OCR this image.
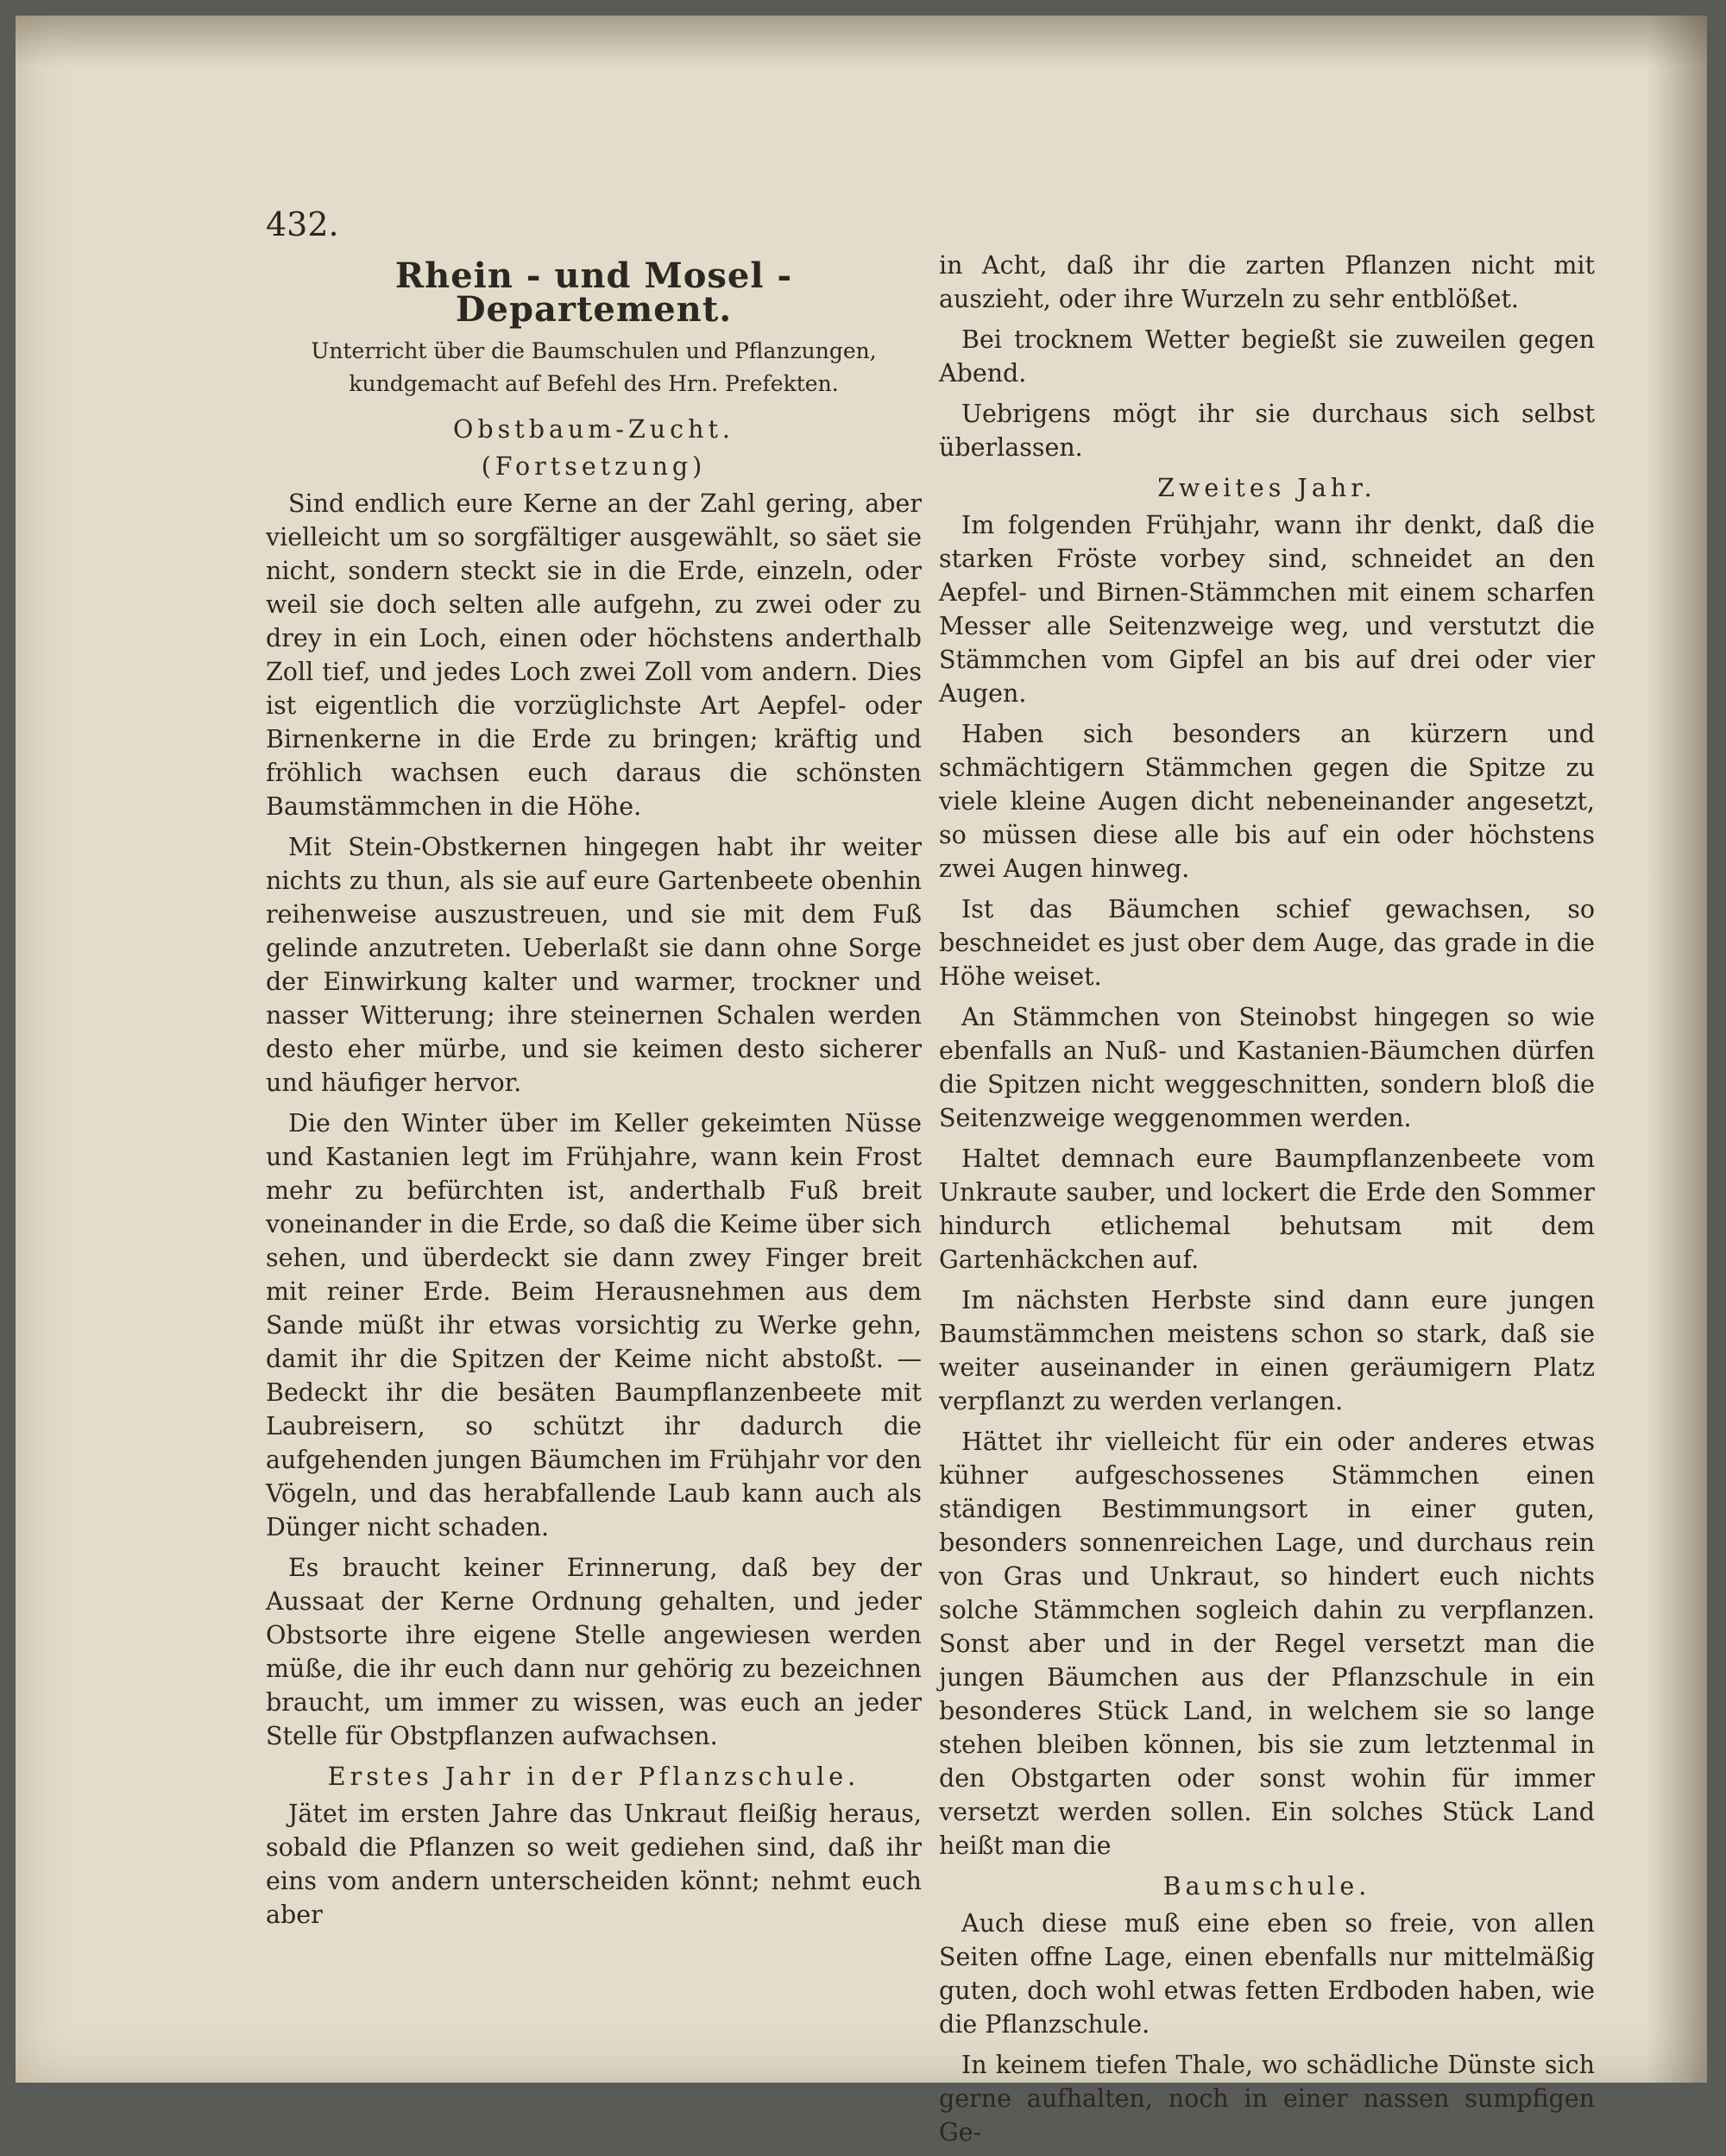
432.
Rhein - und Mosel - Departement.
Unterricht über die Baumschulen und Pflanzungen, kundgemacht auf Befehl des Hrn. Prefekten.
Obstbaum-Zucht.
(Fortsetzung)

Sind endlich eure Kerne an der Zahl gering, aber vielleicht um so sorgfältiger ausgewählt, so säet sie nicht, sondern steckt sie in die Erde, einzeln, oder weil sie doch selten alle aufgehn, zu zwei oder zu drey in ein Loch, einen oder höchstens anderthalb Zoll tief, und jedes Loch zwei Zoll vom andern. Dies ist eigentlich die vorzüglichste Art Aepfel- oder Birnenkerne in die Erde zu bringen; kräftig und fröhlich wachsen euch daraus die schönsten Baumstämmchen in die Höhe.

Mit Stein-Obstkernen hingegen habt ihr weiter nichts zu thun, als sie auf eure Gartenbeete obenhin reihenweise auszustreuen, und sie mit dem Fuß gelinde anzutreten. Ueberlaßt sie dann ohne Sorge der Einwirkung kalter und warmer, trockner und nasser Witterung; ihre steinernen Schalen werden desto eher mürbe, und sie keimen desto sicherer und häufiger hervor.

Die den Winter über im Keller gekeimten Nüsse und Kastanien legt im Frühjahre, wann kein Frost mehr zu befürchten ist, anderthalb Fuß breit voneinander in die Erde, so daß die Keime über sich sehen, und überdeckt sie dann zwey Finger breit mit reiner Erde. Beim Herausnehmen aus dem Sande müßt ihr etwas vorsichtig zu Werke gehn, damit ihr die Spitzen der Keime nicht abstoßt. — Bedeckt ihr die besäten Baumpflanzenbeete mit Laubreisern, so schützt ihr dadurch die aufgehenden jungen Bäumchen im Frühjahr vor den Vögeln, und das herabfallende Laub kann auch als Dünger nicht schaden.

Es braucht keiner Erinnerung, daß bey der Aussaat der Kerne Ordnung gehalten, und jeder Obstsorte ihre eigene Stelle angewiesen werden müße, die ihr euch dann nur gehörig zu bezeichnen braucht, um immer zu wissen, was euch an jeder Stelle für Obstpflanzen aufwachsen.

Erstes Jahr in der Pflanzschule.

Jätet im ersten Jahre das Unkraut fleißig heraus, sobald die Pflanzen so weit gediehen sind, daß ihr eins vom andern unterscheiden könnt; nehmt euch aber

in Acht, daß ihr die zarten Pflanzen nicht mit auszieht, oder ihre Wurzeln zu sehr entblößet.

Bei trocknem Wetter begießt sie zuweilen gegen Abend.

Uebrigens mögt ihr sie durchaus sich selbst überlassen.

Zweites Jahr.

Im folgenden Frühjahr, wann ihr denkt, daß die starken Fröste vorbey sind, schneidet an den Aepfel- und Birnen-Stämmchen mit einem scharfen Messer alle Seitenzweige weg, und verstutzt die Stämmchen vom Gipfel an bis auf drei oder vier Augen.

Haben sich besonders an kürzern und schmächtigern Stämmchen gegen die Spitze zu viele kleine Augen dicht nebeneinander angesetzt, so müssen diese alle bis auf ein oder höchstens zwei Augen hinweg.

Ist das Bäumchen schief gewachsen, so beschneidet es just ober dem Auge, das grade in die Höhe weiset.

An Stämmchen von Steinobst hingegen so wie ebenfalls an Nuß- und Kastanien-Bäumchen dürfen die Spitzen nicht weggeschnitten, sondern bloß die Seitenzweige weggenommen werden.

Haltet demnach eure Baumpflanzenbeete vom Unkraute sauber, und lockert die Erde den Sommer hindurch etlichemal behutsam mit dem Gartenhäckchen auf.

Im nächsten Herbste sind dann eure jungen Baumstämmchen meistens schon so stark, daß sie weiter auseinander in einen geräumigern Platz verpflanzt zu werden verlangen.

Hättet ihr vielleicht für ein oder anderes etwas kühner aufgeschossenes Stämmchen einen ständigen Bestimmungsort in einer guten, besonders sonnenreichen Lage, und durchaus rein von Gras und Unkraut, so hindert euch nichts solche Stämmchen sogleich dahin zu verpflanzen. Sonst aber und in der Regel versetzt man die jungen Bäumchen aus der Pflanzschule in ein besonderes Stück Land, in welchem sie so lange stehen bleiben können, bis sie zum letztenmal in den Obstgarten oder sonst wohin für immer versetzt werden sollen. Ein solches Stück Land heißt man die

Baumschule.

Auch diese muß eine eben so freie, von allen Seiten offne Lage, einen ebenfalls nur mittelmäßig guten, doch wohl etwas fetten Erdboden haben, wie die Pflanzschule.

In keinem tiefen Thale, wo schädliche Dünste sich gerne aufhalten, noch in einer nassen sumpfigen Ge-
